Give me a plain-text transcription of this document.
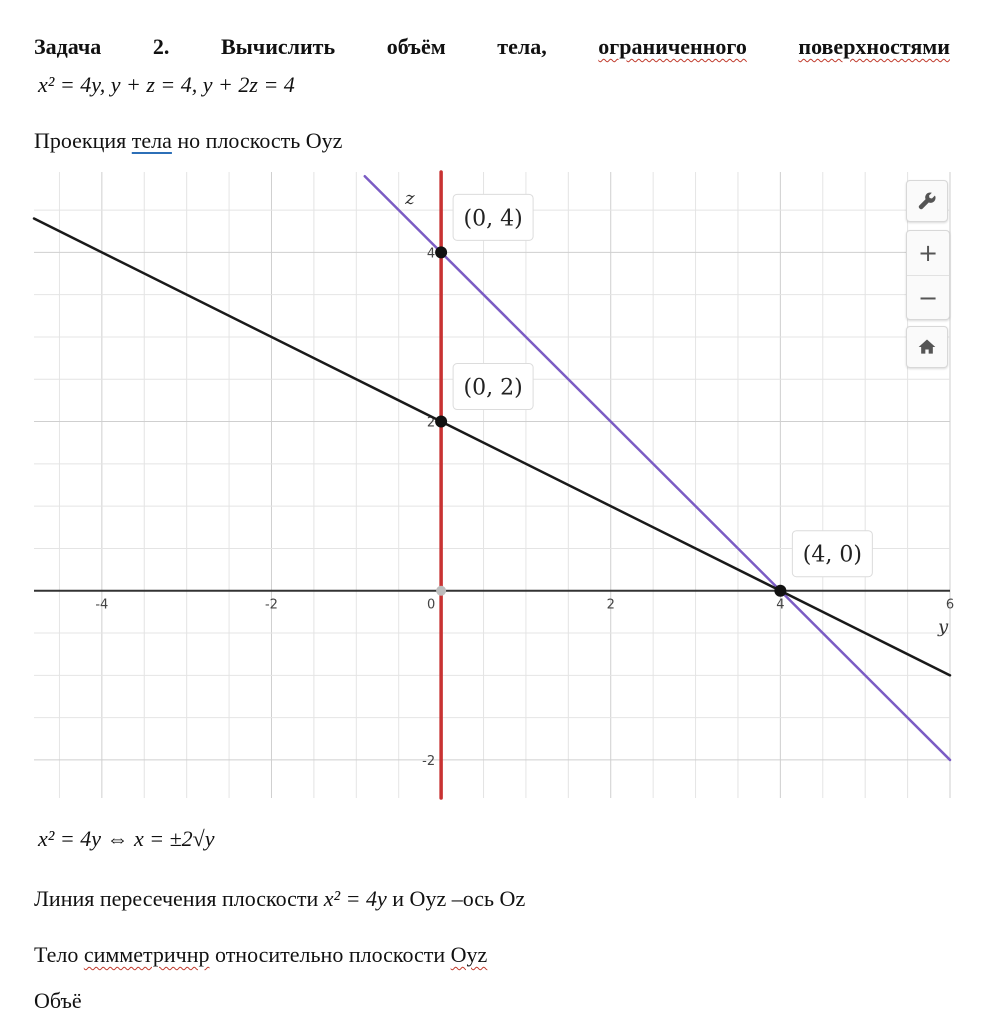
Задача 2. Вычислить объём тела, ограниченного поверхностями
x² = 4y, y + z = 4, y + 2z = 4
Проекция тела но плоскость Oyz
-4	-2	0	2	4	6
4
2
-2
y
z
(0, 4)
(0, 2)
(4, 0)
+
−
x² = 4y ⇔ x = ±2√y
Линия пересечения плоскости x² = 4y и Oyz –ось Oz
Тело симметричнр относительно плоскости Oyz
Объё
